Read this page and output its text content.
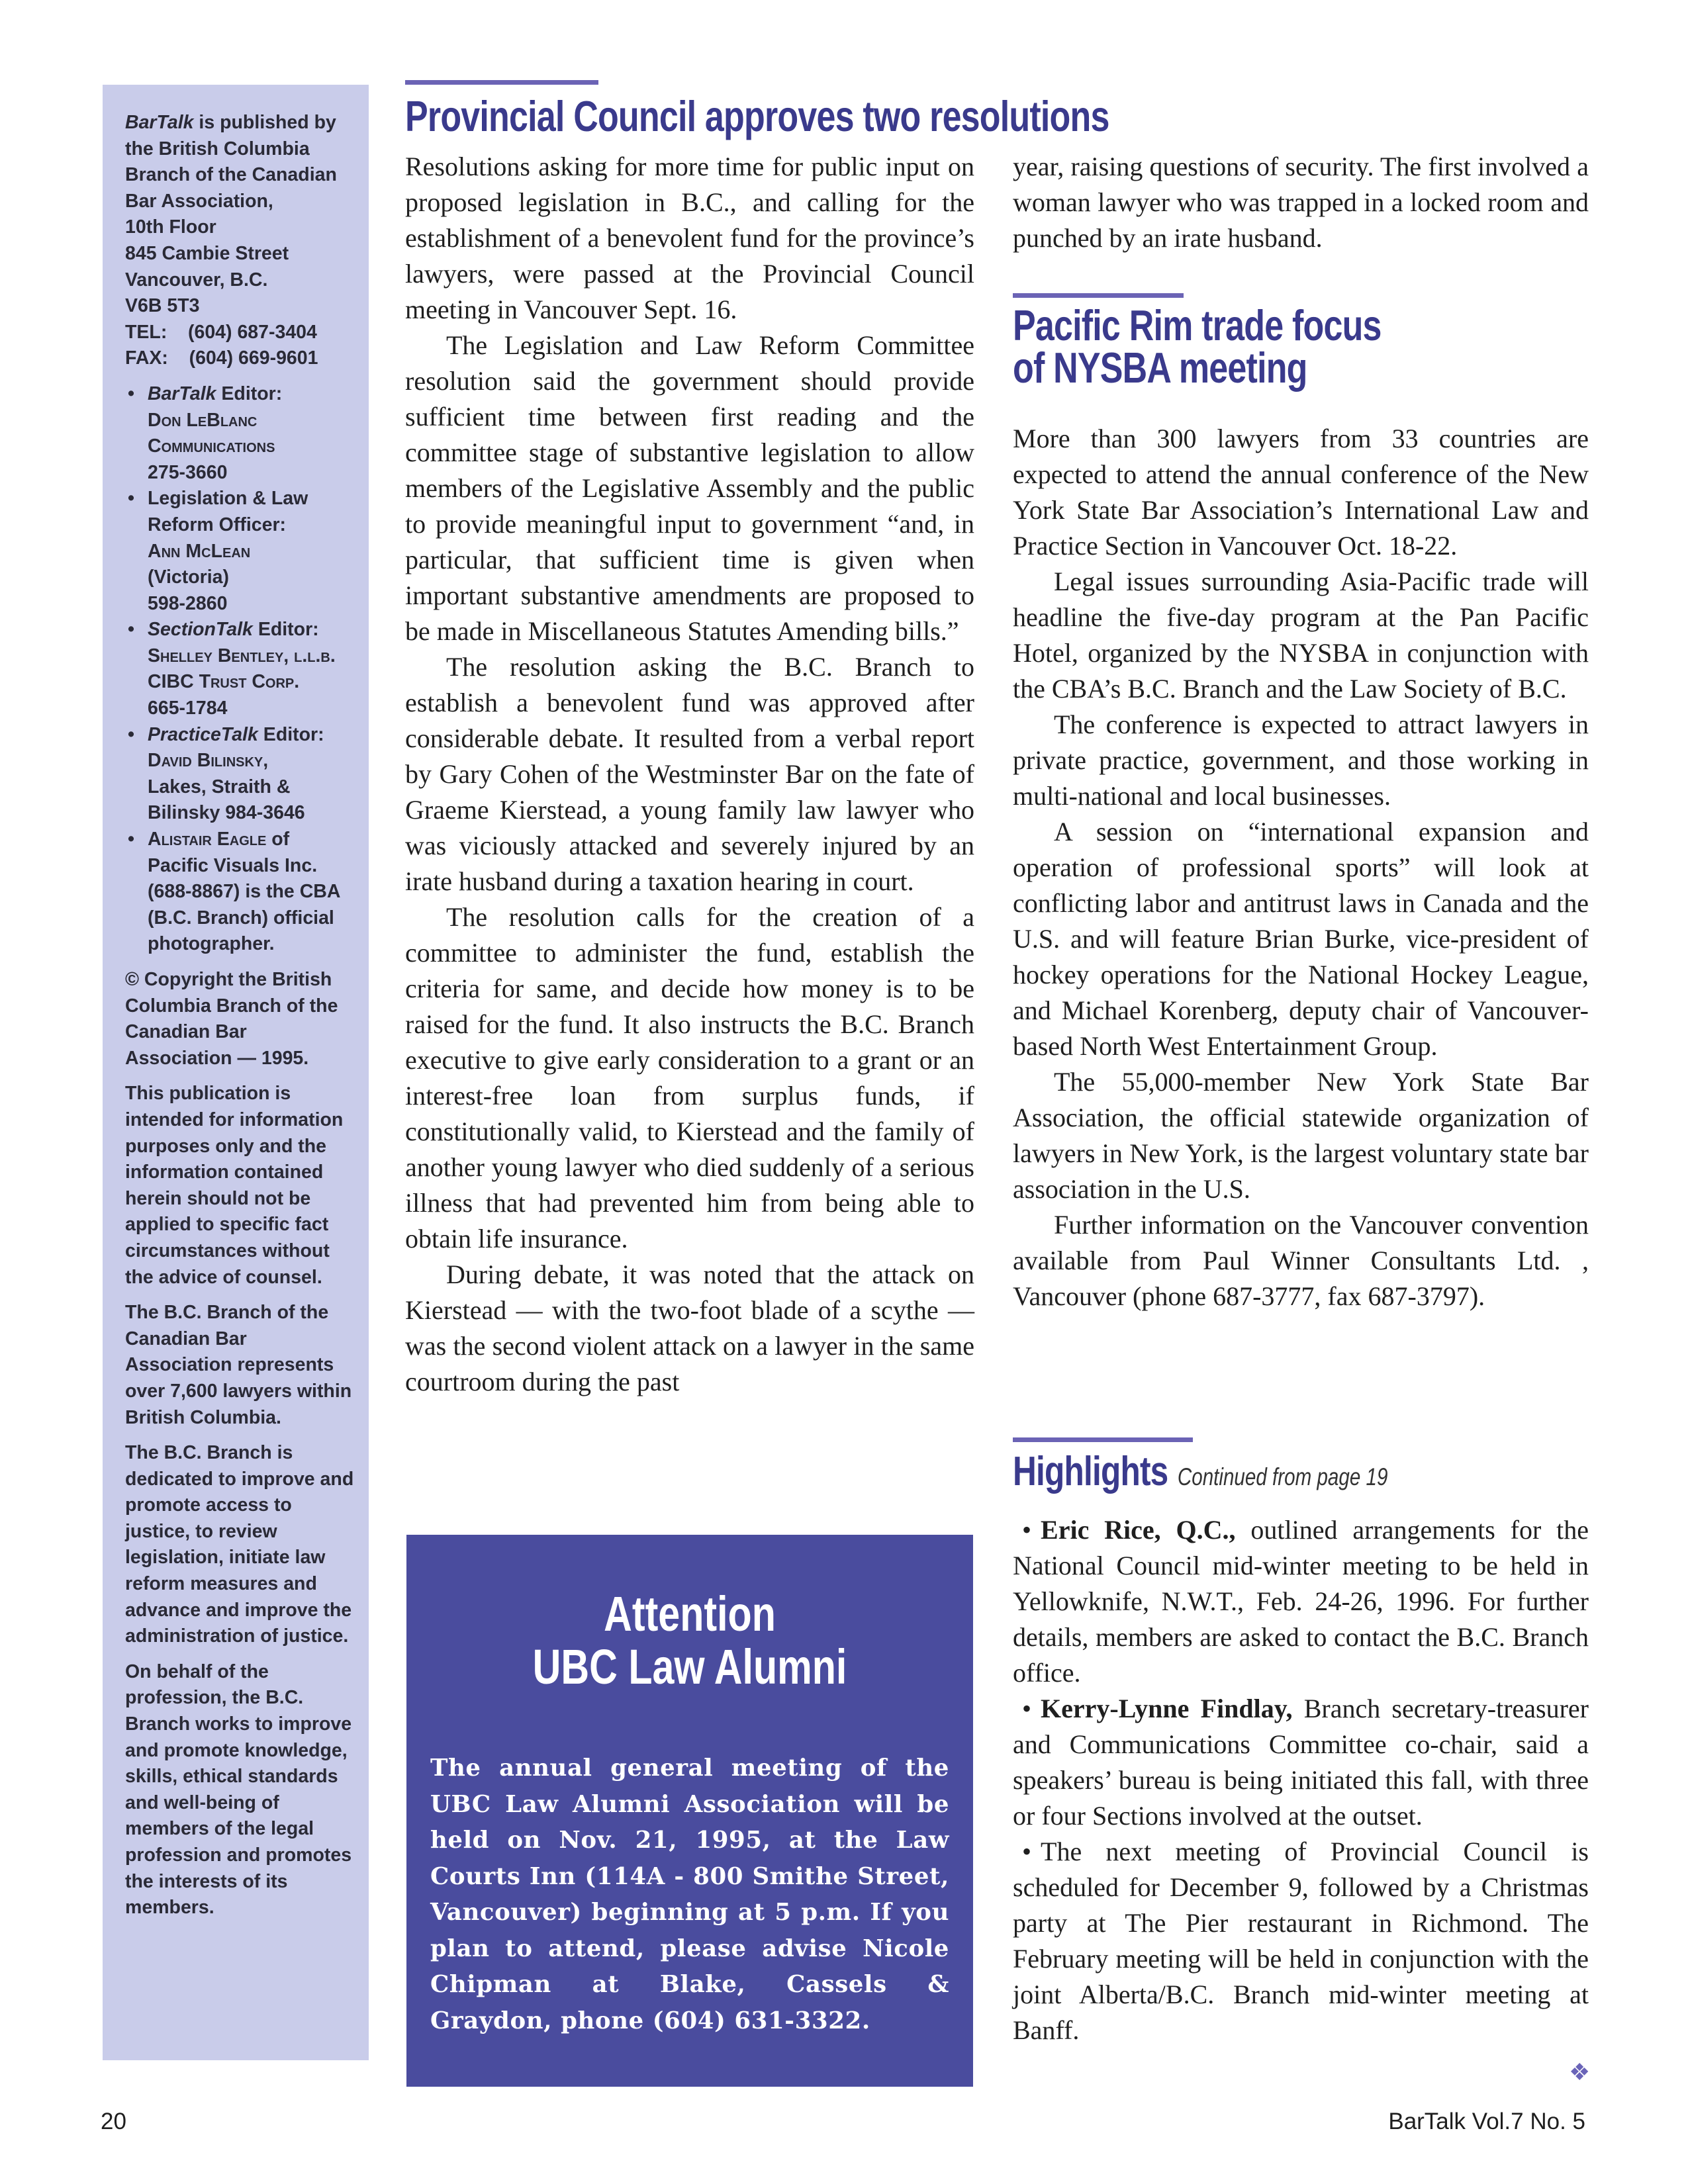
BarTalk is published by the British Columbia Branch of the Canadian Bar Association,
10th Floor
845 Cambie Street
Vancouver, B.C.
V6B 5T3
TEL:    (604) 687-3404
FAX:    (604) 669-9601

• BarTalk Editor:
Don LeBlanc
Communications
275-3660
• Legislation & Law Reform Officer:
Ann McLean
(Victoria)
598-2860
• SectionTalk Editor:
Shelley Bentley, l.l.b.
CIBC Trust Corp.
665-1784
• PracticeTalk Editor:
David Bilinsky,
Lakes, Straith &
Bilinsky 984-3646
• Alistair Eagle of Pacific Visuals Inc. (688-8867) is the CBA (B.C. Branch) official photographer.

© Copyright the British Columbia Branch of the Canadian Bar Association — 1995.

This publication is intended for information purposes only and the information contained herein should not be applied to specific fact circumstances without the advice of counsel.

The B.C. Branch of the Canadian Bar Association represents over 7,600 lawyers within British Columbia.

The B.C. Branch is dedicated to improve and promote access to justice, to review legislation, initiate law reform measures and advance and improve the administration of justice.

On behalf of the profession, the B.C. Branch works to improve and promote knowledge, skills, ethical standards and well-being of members of the legal profession and promotes the interests of its members.

Provincial Council approves two resolutions

Resolutions asking for more time for public input on proposed legislation in B.C., and calling for the establishment of a benevolent fund for the province’s lawyers, were passed at the Provincial Council meeting in Vancouver Sept. 16.

The Legislation and Law Reform Committee resolution said the government should provide sufficient time between first reading and the committee stage of substantive legislation to allow members of the Legislative Assembly and the public to provide meaningful input to government “and, in particular, that sufficient time is given when important substantive amendments are proposed to be made in Miscellaneous Statutes Amending bills.”

The resolution asking the B.C. Branch to establish a benevolent fund was approved after considerable debate. It resulted from a verbal report by Gary Cohen of the Westminster Bar on the fate of Graeme Kierstead, a young family law lawyer who was viciously attacked and severely injured by an irate husband during a taxation hearing in court.

The resolution calls for the creation of a committee to administer the fund, establish the criteria for same, and decide how money is to be raised for the fund. It also instructs the B.C. Branch executive to give early consideration to a grant or an interest-free loan from surplus funds, if constitutionally valid, to Kierstead and the family of another young lawyer who died suddenly of a serious illness that had prevented him from being able to obtain life insurance.

During debate, it was noted that the attack on Kierstead — with the two-foot blade of a scythe — was the second violent attack on a lawyer in the same courtroom during the past

year, raising questions of security. The first involved a woman lawyer who was trapped in a locked room and punched by an irate husband.

Pacific Rim trade focus
of NYSBA meeting

More than 300 lawyers from 33 countries are expected to attend the annual conference of the New York State Bar Association’s International Law and Practice Section in Vancouver Oct. 18-22.

Legal issues surrounding Asia-Pacific trade will headline the five-day program at the Pan Pacific Hotel, organized by the NYSBA in conjunction with the CBA’s B.C. Branch and the Law Society of B.C.

The conference is expected to attract lawyers in private practice, government, and those working in multi-national and local businesses.

A session on “international expansion and operation of professional sports” will look at conflicting labor and antitrust laws in Canada and the U.S. and will feature Brian Burke, vice-president of hockey operations for the National Hockey League, and Michael Korenberg, deputy chair of Vancouver-based North West Entertainment Group.

The 55,000-member New York State Bar Association, the official statewide organization of lawyers in New York, is the largest voluntary state bar association in the U.S.

Further information on the Vancouver convention available from Paul Winner Consultants Ltd. , Vancouver (phone 687-3777, fax 687-3797).

Highlights Continued from page 19

• Eric Rice, Q.C., outlined arrangements for the National Council mid-winter meeting to be held in Yellowknife, N.W.T., Feb. 24-26, 1996. For further details, members are asked to contact the B.C. Branch office.

• Kerry-Lynne Findlay, Branch secretary-treasurer and Communications Committee co-chair, said a speakers’ bureau is being initiated this fall, with three or four Sections involved at the outset.

• The next meeting of Provincial Council is scheduled for December 9, followed by a Christmas party at The Pier restaurant in Richmond. The February meeting will be held in conjunction with the joint Alberta/B.C. Branch mid-winter meeting at Banff.

❖
Attention
UBC Law Alumni

The annual general meeting of the UBC Law Alumni Association will be held on Nov. 21, 1995, at the Law Courts Inn (114A - 800 Smithe Street, Vancouver) beginning at 5 p.m. If you plan to attend, please advise Nicole Chipman at Blake, Cassels & Graydon, phone (604) 631-3322.

20	BarTalk Vol.7 No. 5
